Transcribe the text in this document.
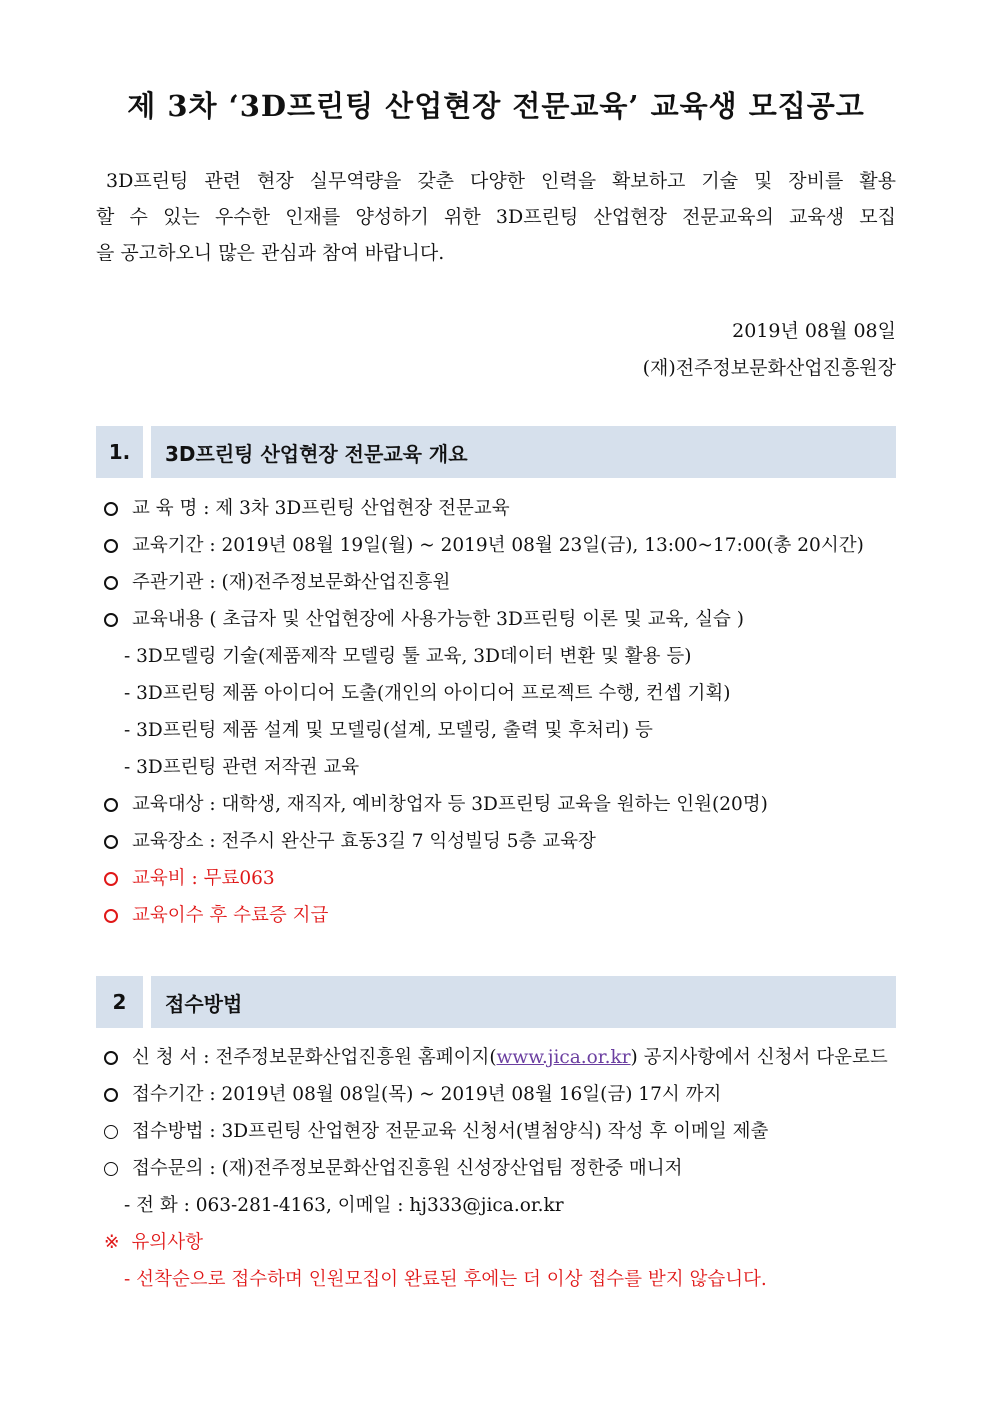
제 3차 ‘3D프린팅 산업현장 전문교육’ 교육생 모집공고
3D프린팅 관련 현장 실무역량을 갖춘 다양한 인력을 확보하고 기술 및 장비를 활용
할 수 있는 우수한 인재를 양성하기 위한 3D프린팅 산업현장 전문교육의 교육생 모집
을 공고하오니 많은 관심과 참여 바랍니다.
2019년 08월 08일
(재)전주정보문화산업진흥원장
1.	3D프린팅 산업현장 전문교육 개요
교 육 명 : 제 3차 3D프린팅 산업현장 전문교육
교육기간 : 2019년 08월 19일(월) ~ 2019년 08월 23일(금), 13:00~17:00(총 20시간)
주관기관 : (재)전주정보문화산업진흥원
교육내용 ( 초급자 및 산업현장에 사용가능한 3D프린팅 이론 및 교육, 실습 )
- 3D모델링 기술(제품제작 모델링 툴 교육, 3D데이터 변환 및 활용 등)
- 3D프린팅 제품 아이디어 도출(개인의 아이디어 프로젝트 수행, 컨셉 기획)
- 3D프린팅 제품 설계 및 모델링(설계, 모델링, 출력 및 후처리) 등
- 3D프린팅 관련 저작권 교육
교육대상 : 대학생, 재직자, 예비창업자 등 3D프린팅 교육을 원하는 인원(20명)
교육장소 : 전주시 완산구 효동3길 7 익성빌딩 5층 교육장
교육비 : 무료063
교육이수 후 수료증 지급
2	접수방법
신 청 서 : 전주정보문화산업진흥원 홈페이지( www.jica.or.kr ) 공지사항에서 신청서 다운로드
접수기간 : 2019년 08월 08일(목) ~ 2019년 08월 16일(금) 17시 까지
접수방법 : 3D프린팅 산업현장 전문교육 신청서(별첨양식) 작성 후 이메일 제출
접수문의 : (재)전주정보문화산업진흥원 신성장산업팀 정한중 매니저
- 전 화 : 063-281-4163, 이메일 : hj333@jica.or.kr
※ 유의사항
- 선착순으로 접수하며 인원모집이 완료된 후에는 더 이상 접수를 받지 않습니다.
